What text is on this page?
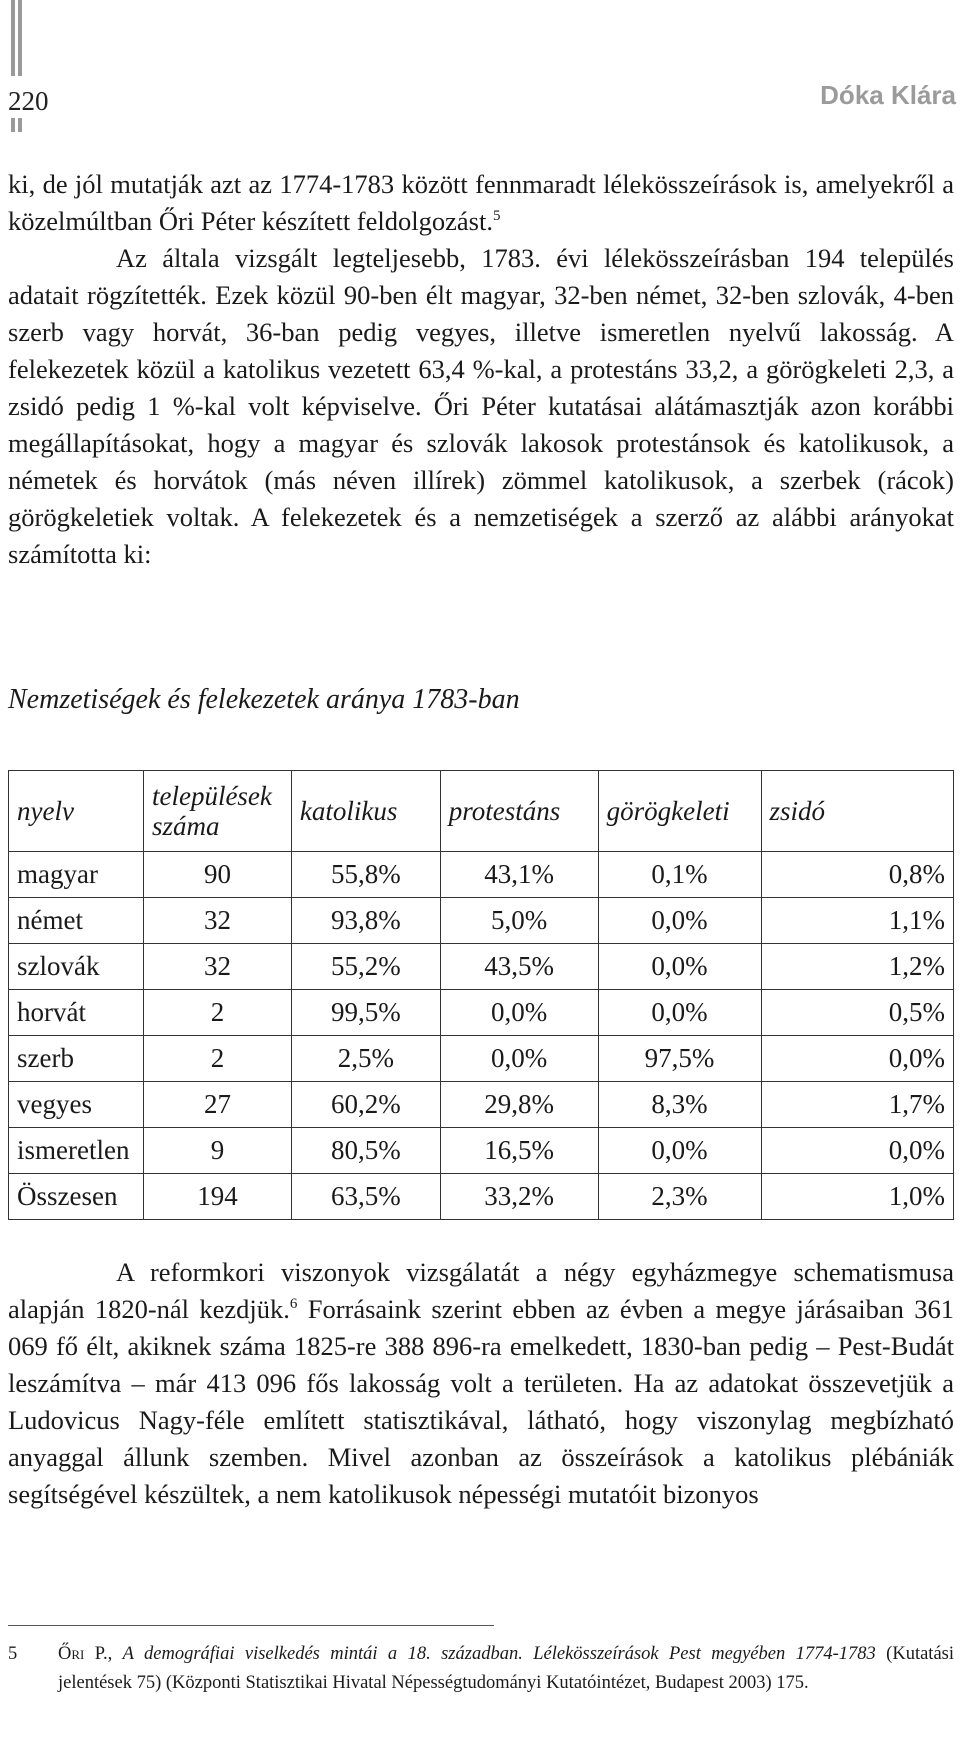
220	Dóka Klára

ki, de jól mutatják azt az 1774-1783 között fennmaradt lélekösszeírások is, amelyekről a közelmúltban Őri Péter készített feldolgozást.$^5$

Az általa vizsgált legteljesebb, 1783. évi lélekösszeírásban 194 település adatait rögzítették. Ezek közül 90-ben élt magyar, 32-ben német, 32-ben szlovák, 4-ben szerb vagy horvát, 36-ban pedig vegyes, illetve ismeretlen nyelvű lakosság. A felekezetek közül a katolikus vezetett 63,4 %-kal, a protestáns 33,2, a görögkeleti 2,3, a zsidó pedig 1 %-kal volt képviselve. Őri Péter kutatásai alátámasztják azon korábbi megállapításokat, hogy a magyar és szlovák lakosok protestánsok és katolikusok, a németek és horvátok (más néven illírek) zömmel katolikusok, a szerbek (rácok) görögkeletiek voltak. A felekezetek és a nemzetiségek a szerző az alábbi arányokat számította ki:

Nemzetiségek és felekezetek aránya 1783-ban
nyelv	települések száma	katolikus	protestáns	görögkeleti	zsidó
magyar	90	55,8%	43,1%	0,1%	0,8%
német	32	93,8%	5,0%	0,0%	1,1%
szlovák	32	55,2%	43,5%	0,0%	1,2%
horvát	2	99,5%	0,0%	0,0%	0,5%
szerb	2	2,5%	0,0%	97,5%	0,0%
vegyes	27	60,2%	29,8%	8,3%	1,7%
ismeretlen	9	80,5%	16,5%	0,0%	0,0%
Összesen	194	63,5%	33,2%	2,3%	1,0%

A reformkori viszonyok vizsgálatát a négy egyházmegye schematismusa alapján 1820-nál kezdjük.$^6$ Forrásaink szerint ebben az évben a megye járásaiban 361 069 fő élt, akiknek száma 1825-re 388 896-ra emelkedett, 1830-ban pedig – Pest-Budát leszámítva – már 413 096 fős lakosság volt a területen. Ha az adatokat összevetjük a Ludovicus Nagy-féle említett statisztikával, látható, hogy viszonylag megbízható anyaggal állunk szemben. Mivel azonban az összeírások a katolikus plébániák segítségével készültek, a nem katolikusok népességi mutatóit bizonyos

5 Őri P., A demográfiai viselkedés mintái a 18. században. Lélekösszeírások Pest megyében 1774-1783 (Kutatási jelentések 75) (Központi Statisztikai Hivatal Népességtudományi Kutatóintézet, Budapest 2003) 175.
